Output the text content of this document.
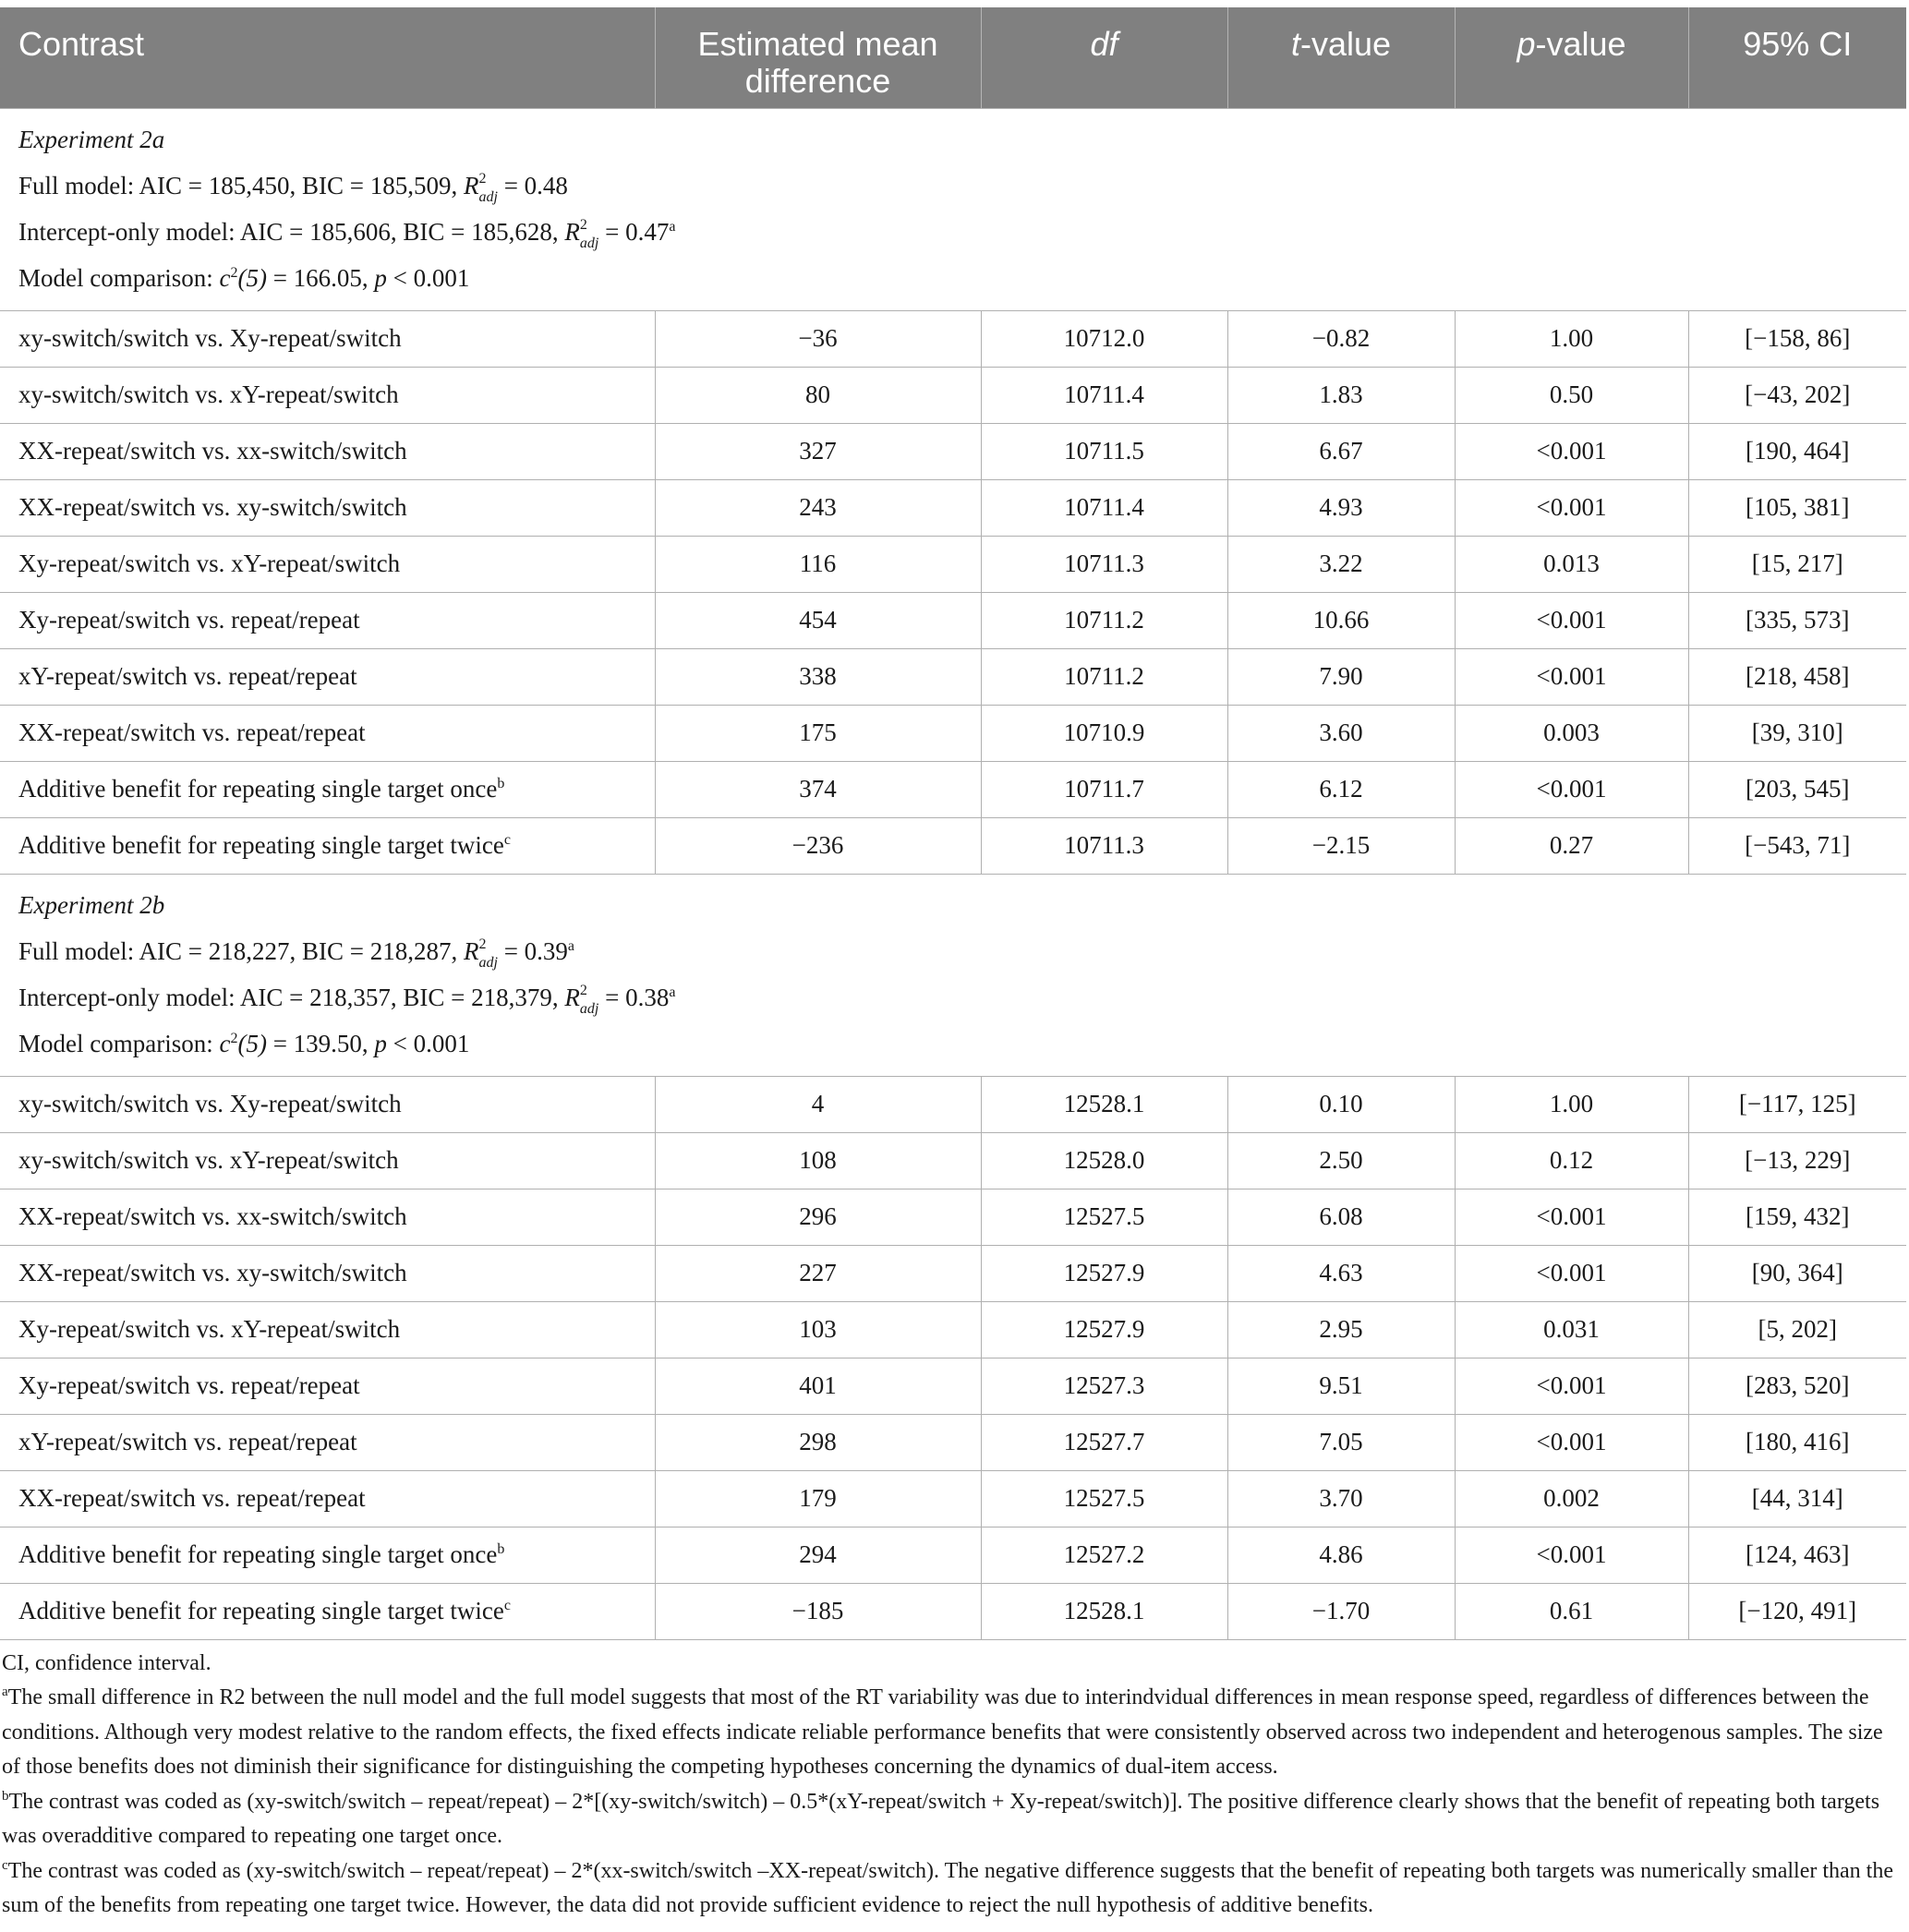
Contrast	Estimated mean difference	df	t-value	p-value	95% CI

Experiment 2a
Full model: AIC = 185,450, BIC = 185,509, $R^2_{adj} = 0.48$
Intercept-only model: AIC = 185,606, BIC = 185,628, $R^2_{adj} = 0.47^a$
Model comparison: $c^2(5) = 166.05$, p < 0.001					

xy-switch/switch vs. Xy-repeat/switch	−36	10712.0	−0.82	1.00	[−158, 86]
xy-switch/switch vs. xY-repeat/switch	80	10711.4	1.83	0.50	[−43, 202]
XX-repeat/switch vs. xx-switch/switch	327	10711.5	6.67	<0.001	[190, 464]
XX-repeat/switch vs. xy-switch/switch	243	10711.4	4.93	<0.001	[105, 381]
Xy-repeat/switch vs. xY-repeat/switch	116	10711.3	3.22	0.013	[15, 217]
Xy-repeat/switch vs. repeat/repeat	454	10711.2	10.66	<0.001	[335, 573]
xY-repeat/switch vs. repeat/repeat	338	10711.2	7.90	<0.001	[218, 458]
XX-repeat/switch vs. repeat/repeat	175	10710.9	3.60	0.003	[39, 310]
Additive benefit for repeating single target once$^b$	374	10711.7	6.12	<0.001	[203, 545]
Additive benefit for repeating single target twice$^c$	−236	10711.3	−2.15	0.27	[−543, 71]

Experiment 2b
Full model: AIC = 218,227, BIC = 218,287, $R^2_{adj} = 0.39^a$
Intercept-only model: AIC = 218,357, BIC = 218,379, $R^2_{adj} = 0.38^a$
Model comparison: $c^2(5) = 139.50$, p < 0.001					

xy-switch/switch vs. Xy-repeat/switch	4	12528.1	0.10	1.00	[−117, 125]
xy-switch/switch vs. xY-repeat/switch	108	12528.0	2.50	0.12	[−13, 229]
XX-repeat/switch vs. xx-switch/switch	296	12527.5	6.08	<0.001	[159, 432]
XX-repeat/switch vs. xy-switch/switch	227	12527.9	4.63	<0.001	[90, 364]
Xy-repeat/switch vs. xY-repeat/switch	103	12527.9	2.95	0.031	[5, 202]
Xy-repeat/switch vs. repeat/repeat	401	12527.3	9.51	<0.001	[283, 520]
xY-repeat/switch vs. repeat/repeat	298	12527.7	7.05	<0.001	[180, 416]
XX-repeat/switch vs. repeat/repeat	179	12527.5	3.70	0.002	[44, 314]
Additive benefit for repeating single target once$^b$	294	12527.2	4.86	<0.001	[124, 463]
Additive benefit for repeating single target twice$^c$	−185	12528.1	−1.70	0.61	[−120, 491]

CI, confidence interval.

$^a$The small difference in R2 between the null model and the full model suggests that most of the RT variability was due to interindvidual differences in mean response speed, regardless of differences between the conditions. Although very modest relative to the random effects, the fixed effects indicate reliable performance benefits that were consistently observed across two independent and heterogenous samples. The size of those benefits does not diminish their significance for distinguishing the competing hypotheses concerning the dynamics of dual-item access.

$^b$The contrast was coded as (xy-switch/switch – repeat/repeat) – 2*[(xy-switch/switch) – 0.5*(xY-repeat/switch + Xy-repeat/switch)]. The positive difference clearly shows that the benefit of repeating both targets was overadditive compared to repeating one target once.

$^c$The contrast was coded as (xy-switch/switch – repeat/repeat) – 2*(xx-switch/switch –XX-repeat/switch). The negative difference suggests that the benefit of repeating both targets was numerically smaller than the sum of the benefits from repeating one target twice. However, the data did not provide sufficient evidence to reject the null hypothesis of additive benefits.
